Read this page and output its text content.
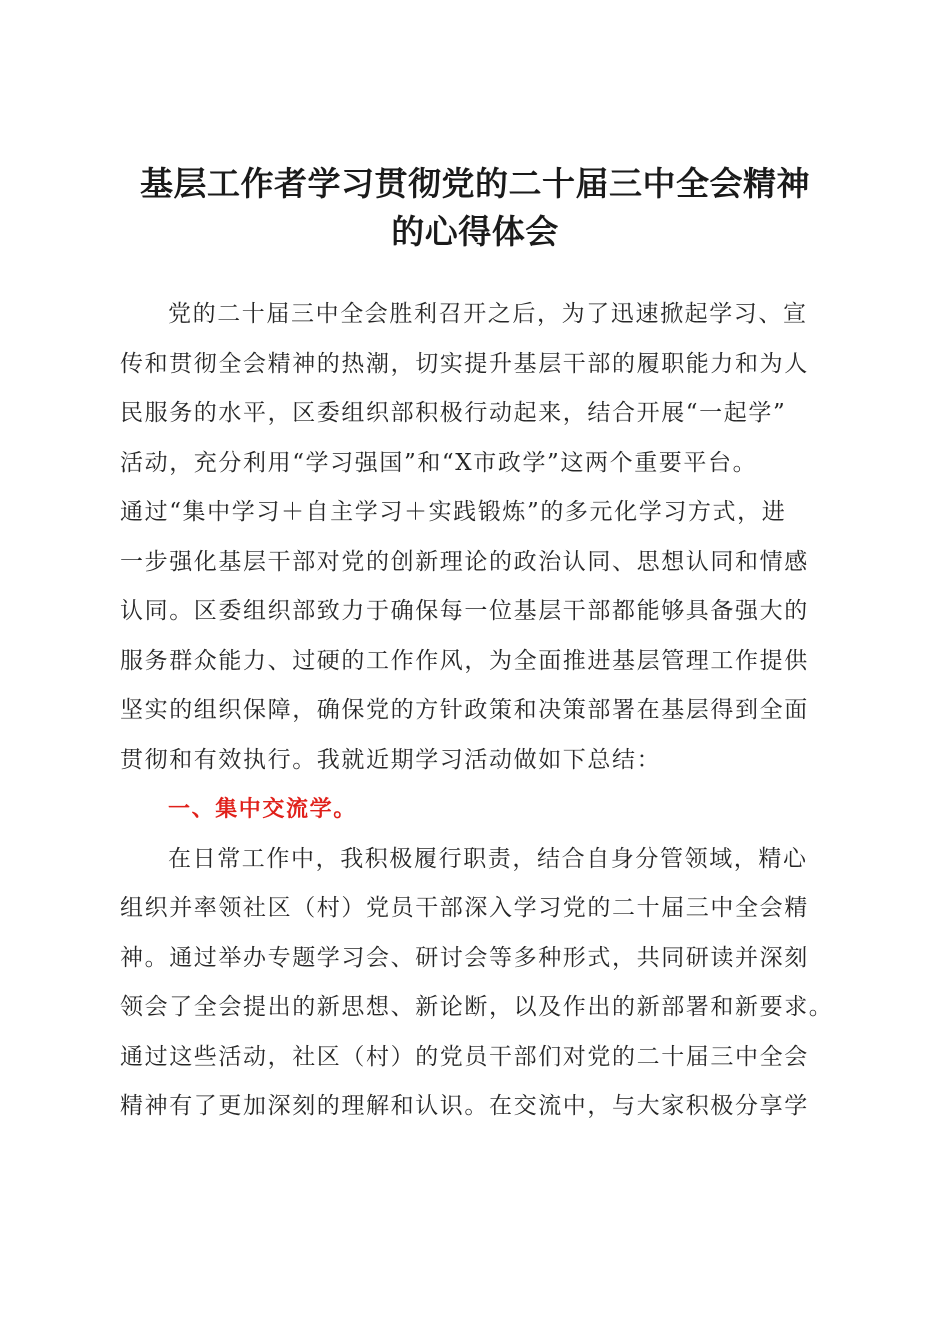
基层工作者学习贯彻党的二十届三中全会精神
的心得体会
党的二十届三中全会胜利召开之后，为了迅速掀起学习、宣
传和贯彻全会精神的热潮，切实提升基层干部的履职能力和为人
民服务的水平，区委组织部积极行动起来，结合开展“一起学”
活动，充分利用“学习强国”和“X市政学”这两个重要平台。
通过“集中学习＋自主学习＋实践锻炼”的多元化学习方式，进
一步强化基层干部对党的创新理论的政治认同、思想认同和情感
认同。区委组织部致力于确保每一位基层干部都能够具备强大的
服务群众能力、过硬的工作作风，为全面推进基层管理工作提供
坚实的组织保障，确保党的方针政策和决策部署在基层得到全面
贯彻和有效执行。我就近期学习活动做如下总结：
一、集中交流学。
在日常工作中，我积极履行职责，结合自身分管领域，精心
组织并率领社区（村）党员干部深入学习党的二十届三中全会精
神。通过举办专题学习会、研讨会等多种形式，共同研读并深刻
领会了全会提出的新思想、新论断，以及作出的新部署和新要求。
通过这些活动，社区（村）的党员干部们对党的二十届三中全会
精神有了更加深刻的理解和认识。在交流中，与大家积极分享学
